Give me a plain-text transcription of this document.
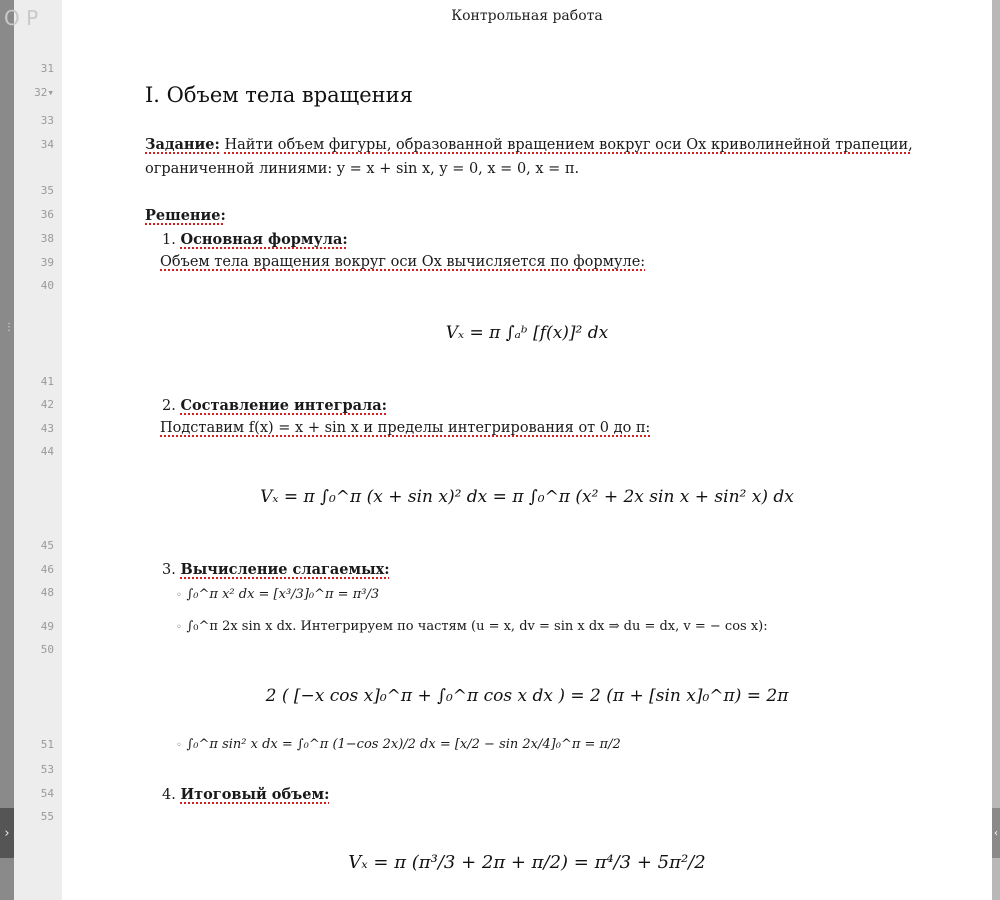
⋮
›	‹
O P
31
32▾
33
34
35
36
38
39
40
41
42
43
44
45
46
48
49
50
51
53
54
55
Контрольная работа
I. Объем тела вращения
Задание: Найти объем фигуры, образованной вращением вокруг оси Ox криволинейной трапеции,
ограниченной линиями: y = x + sin x, y = 0, x = 0, x = π.
Решение:
1. Основная формула:
Объем тела вращения вокруг оси Ox вычисляется по формуле:
Vₓ = π ∫ₐᵇ [f(x)]² dx
2. Составление интеграла:
Подставим f(x) = x + sin x и пределы интегрирования от 0 до π:
Vₓ = π ∫₀^π (x + sin x)² dx = π ∫₀^π (x² + 2x sin x + sin² x) dx
3. Вычисление слагаемых:
◦ ∫₀^π x² dx = [x³/3]₀^π = π³/3
◦ ∫₀^π 2x sin x dx. Интегрируем по частям (u = x, dv = sin x dx ⇒ du = dx, v = − cos x):
2 ( [−x cos x]₀^π + ∫₀^π cos x dx ) = 2 (π + [sin x]₀^π) = 2π
◦ ∫₀^π sin² x dx = ∫₀^π (1−cos 2x)/2 dx = [x/2 − sin 2x/4]₀^π = π/2
4. Итоговый объем:
Vₓ = π (π³/3 + 2π + π/2) = π⁴/3 + 5π²/2
